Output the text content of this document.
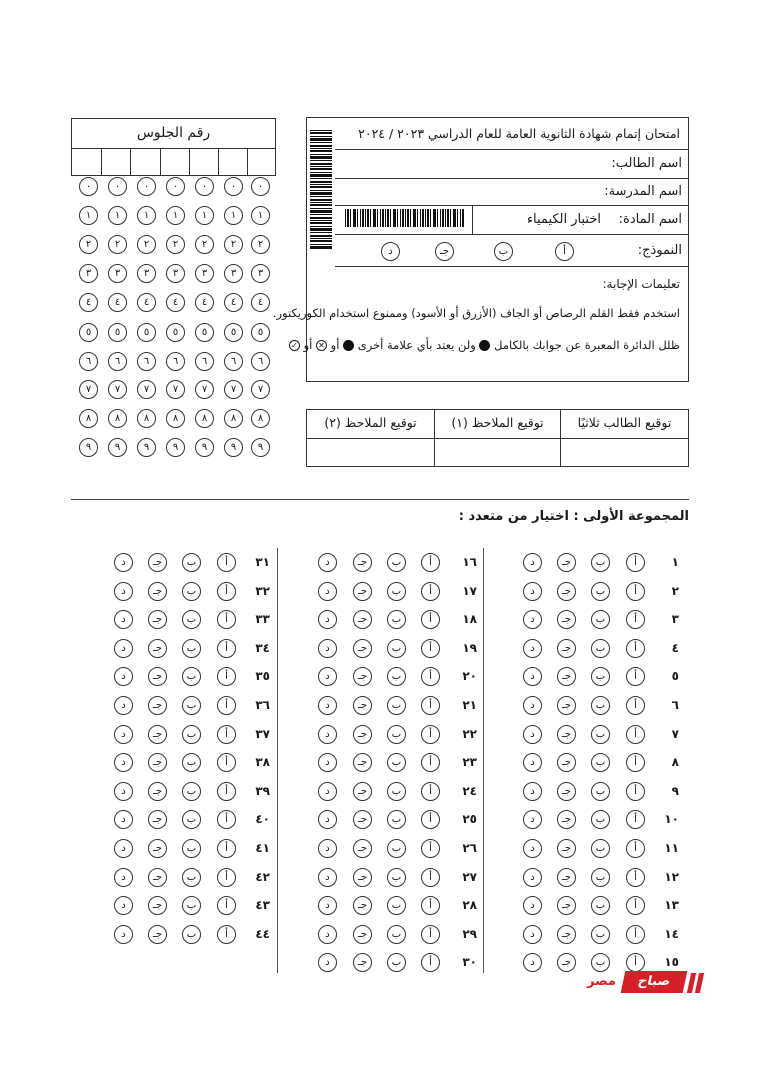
رقم الجلوس
٠
١
٢
٣
٤
٥
٦
٧
٨
٩
٠
١
٢
٣
٤
٥
٦
٧
٨
٩
٠
١
٢
٣
٤
٥
٦
٧
٨
٩
٠
١
٢
٣
٤
٥
٦
٧
٨
٩
٠
١
٢
٣
٤
٥
٦
٧
٨
٩
٠
١
٢
٣
٤
٥
٦
٧
٨
٩
٠
١
٢
٣
٤
٥
٦
٧
٨
٩
امتحان إتمام شهادة الثانوية العامة للعام الدراسي ٢٠٢٣ / ٢٠٢٤
اسم الطالب:
اسم المدرسة:
اسم المادة:
اختبار الكيمياء
النموذج:
أ
ب
جـ
د
تعليمات الإجابة:
استخدم فقط القلم الرصاص أو الجاف (الأزرق أو الأسود) وممنوع استخدام الكوريكتور.
ظلل الدائرة المعبرة عن جوابك بالكامل  ولن يعتد بأي علامة أخرى  أو ✕ أو ✓
توقيع الطالب ثلاثيًا
توقيع الملاحظ (١)
توقيع الملاحظ (٢)
المجموعة الأولى : اختيار من متعدد :
١
أ
ب
جـ
د
٢
أ
ب
جـ
د
٣
أ
ب
جـ
د
٤
أ
ب
جـ
د
٥
أ
ب
جـ
د
٦
أ
ب
جـ
د
٧
أ
ب
جـ
د
٨
أ
ب
جـ
د
٩
أ
ب
جـ
د
١٠
أ
ب
جـ
د
١١
أ
ب
جـ
د
١٢
أ
ب
جـ
د
١٣
أ
ب
جـ
د
١٤
أ
ب
جـ
د
١٥
أ
ب
جـ
د
١٦
أ
ب
جـ
د
١٧
أ
ب
جـ
د
١٨
أ
ب
جـ
د
١٩
أ
ب
جـ
د
٢٠
أ
ب
جـ
د
٢١
أ
ب
جـ
د
٢٢
أ
ب
جـ
د
٢٣
أ
ب
جـ
د
٢٤
أ
ب
جـ
د
٢٥
أ
ب
جـ
د
٢٦
أ
ب
جـ
د
٢٧
أ
ب
جـ
د
٢٨
أ
ب
جـ
د
٢٩
أ
ب
جـ
د
٣٠
أ
ب
جـ
د
٣١
أ
ب
جـ
د
٣٢
أ
ب
جـ
د
٣٣
أ
ب
جـ
د
٣٤
أ
ب
جـ
د
٣٥
أ
ب
جـ
د
٣٦
أ
ب
جـ
د
٣٧
أ
ب
جـ
د
٣٨
أ
ب
جـ
د
٣٩
أ
ب
جـ
د
٤٠
أ
ب
جـ
د
٤١
أ
ب
جـ
د
٤٢
أ
ب
جـ
د
٤٣
أ
ب
جـ
د
٤٤
أ
ب
جـ
د
مصر	صباح
